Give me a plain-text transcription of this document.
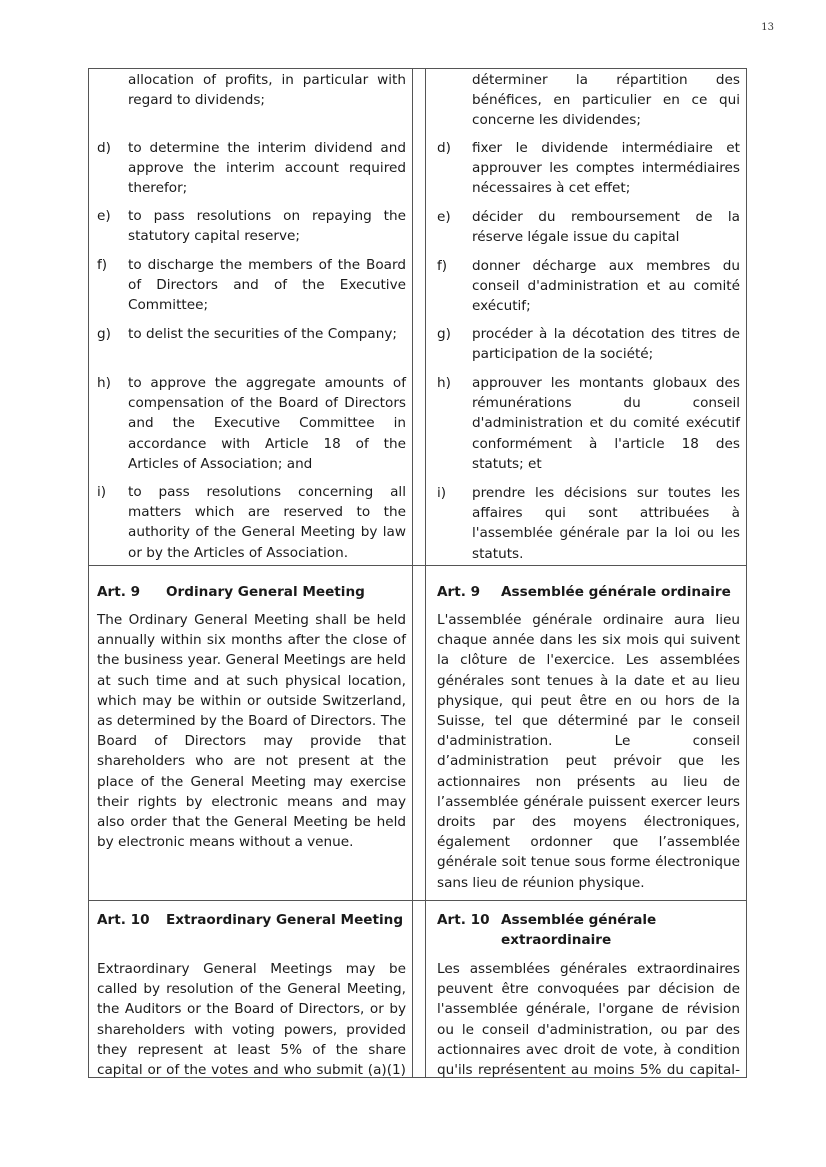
13
allocation of profits, in particular with regard to dividends;
d) to determine the interim dividend and approve the interim account required therefor;
e) to pass resolutions on repaying the statutory capital reserve;
f) to discharge the members of the Board of Directors and of the Executive Committee;
g) to delist the securities of the Company;
h) to approve the aggregate amounts of compensation of the Board of Directors and the Executive Committee in accordance with Article 18 of the Articles of Association; and
i) to pass resolutions concerning all matters which are reserved to the authority of the General Meeting by law or by the Articles of Association.
Art. 9 Ordinary General Meeting
The Ordinary General Meeting shall be held annually within six months after the close of the business year. General Meetings are held at such time and at such physical location, which may be within or outside Switzerland, as determined by the Board of Directors. The Board of Directors may provide that shareholders who are not present at the place of the General Meeting may exercise their rights by electronic means and may also order that the General Meeting be held by electronic means without a venue.
Art. 10 Extraordinary General Meeting
Extraordinary General Meetings may be called by resolution of the General Meeting, the Auditors or the Board of Directors, or by shareholders with voting powers, provided they represent at least 5% of the share capital or of the votes and who submit (a)(1)
déterminer la répartition des bénéfices, en particulier en ce qui concerne les dividendes;
d) fixer le dividende intermédiaire et approuver les comptes intermédiaires nécessaires à cet effet;
e) décider du remboursement de la réserve légale issue du capital
f) donner décharge aux membres du conseil d'administration et au comité exécutif;
g) procéder à la décotation des titres de participation de la société;
h) approuver les montants globaux des rémunérations du conseil d'administration et du comité exécutif conformément à l'article 18 des statuts; et
i) prendre les décisions sur toutes les affaires qui sont attribuées à l'assemblée générale par la loi ou les statuts.
Art. 9 Assemblée générale ordinaire
L'assemblée générale ordinaire aura lieu chaque année dans les six mois qui suivent la clôture de l'exercice. Les assemblées générales sont tenues à la date et au lieu physique, qui peut être en ou hors de la Suisse, tel que déterminé par le conseil d'administration. Le conseil d’administration peut prévoir que les actionnaires non présents au lieu de l’assemblée générale puissent exercer leurs droits par des moyens électroniques, également ordonner que l’assemblée générale soit tenue sous forme électronique sans lieu de réunion physique.
Art. 10 Assemblée générale extraordinaire
Les assemblées générales extraordinaires peuvent être convoquées par décision de l'assemblée générale, l'organe de révision ou le conseil d'administration, ou par des actionnaires avec droit de vote, à condition qu'ils représentent au moins 5% du capital-
